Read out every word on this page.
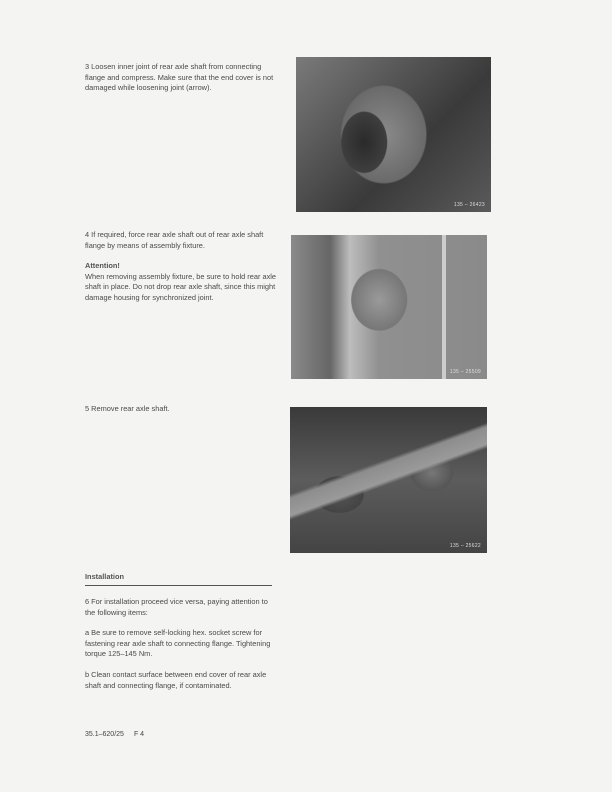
3 Loosen inner joint of rear axle shaft from connecting flange and compress. Make sure that the end cover is not damaged while loosening joint (arrow).

135 – 26423

4 If required, force rear axle shaft out of rear axle shaft flange by means of assembly fixture.

Attention!

When removing assembly fixture, be sure to hold rear axle shaft in place. Do not drop rear axle shaft, since this might damage housing for synchronized joint.

135 – 25509

5 Remove rear axle shaft.

135 – 25622
Installation

6 For installation proceed vice versa, paying attention to the following items:

a Be sure to remove self-locking hex. socket screw for fastening rear axle shaft to connecting flange. Tightening torque 125–145 Nm.

b Clean contact surface between end cover of rear axle shaft and connecting flange, if contaminated.

35.1–620/25 F 4
